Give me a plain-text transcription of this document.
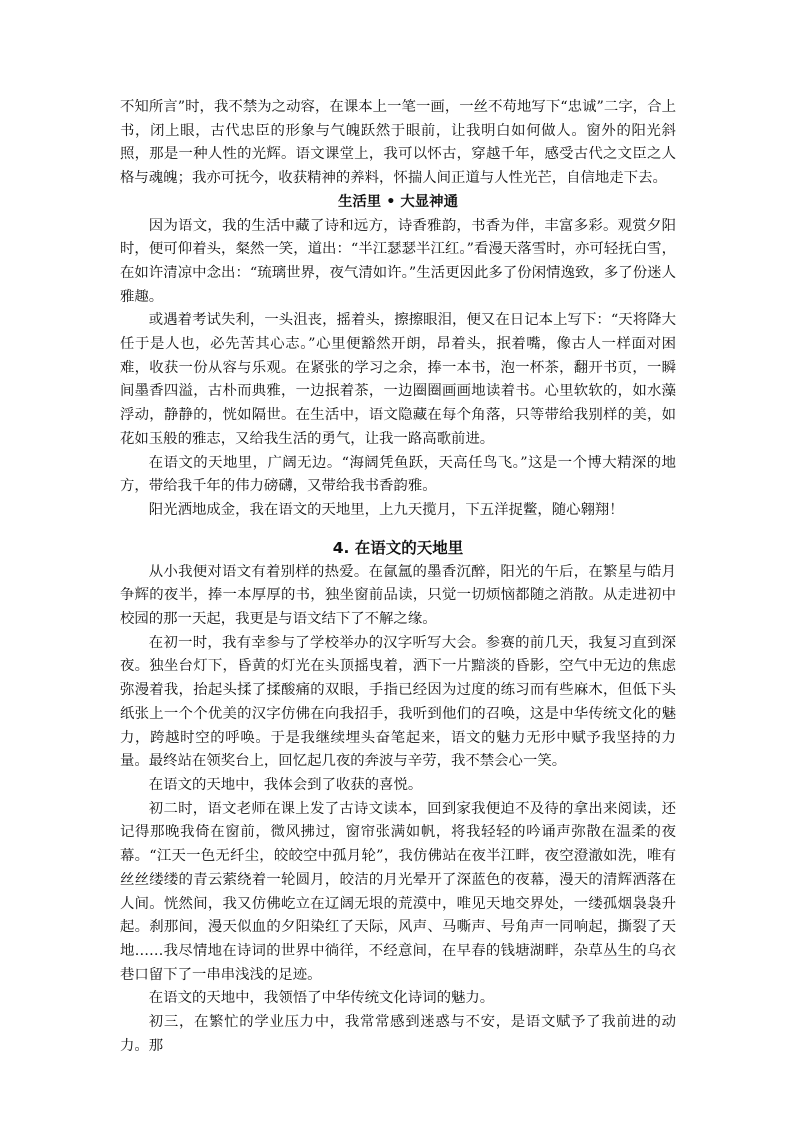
不知所言”时，我不禁为之动容，在课本上一笔一画，一丝不苟地写下“忠诚”二字，合上书，闭上眼，古代忠臣的形象与气魄跃然于眼前，让我明白如何做人。窗外的阳光斜照，那是一种人性的光辉。语文课堂上，我可以怀古，穿越千年，感受古代之文臣之人格与魂魄；我亦可抚今，收获精神的养料，怀揣人间正道与人性光芒，自信地走下去。

生活里 • 大显神通

因为语文，我的生活中藏了诗和远方，诗香雅韵，书香为伴，丰富多彩。观赏夕阳时，便可仰着头，粲然一笑，道出：“半江瑟瑟半江红。”看漫天落雪时，亦可轻抚白雪，在如许清凉中念出：“琉璃世界，夜气清如许。”生活更因此多了份闲情逸致，多了份迷人雅趣。

或遇着考试失利，一头沮丧，摇着头，擦擦眼泪，便又在日记本上写下：“天将降大任于是人也，必先苦其心志。”心里便豁然开朗，昂着头，抿着嘴，像古人一样面对困难，收获一份从容与乐观。在紧张的学习之余，捧一本书，泡一杯茶，翻开书页，一瞬间墨香四溢，古朴而典雅，一边抿着茶，一边圈圈画画地读着书。心里软软的，如水藻浮动，静静的，恍如隔世。在生活中，语文隐藏在每个角落，只等带给我别样的美，如花如玉般的雅志，又给我生活的勇气，让我一路高歌前进。

在语文的天地里，广阔无边。“海阔凭鱼跃，天高任鸟飞。”这是一个博大精深的地方，带给我千年的伟力磅礴，又带给我书香韵雅。

阳光洒地成金，我在语文的天地里，上九天揽月，下五洋捉鳖，随心翱翔！

4. 在语文的天地里

从小我便对语文有着别样的热爱。在氤氲的墨香沉醉，阳光的午后，在繁星与皓月争辉的夜半，捧一本厚厚的书，独坐窗前品读，只觉一切烦恼都随之消散。从走进初中校园的那一天起，我更是与语文结下了不解之缘。

在初一时，我有幸参与了学校举办的汉字听写大会。参赛的前几天，我复习直到深夜。独坐台灯下，昏黄的灯光在头顶摇曳着，洒下一片黯淡的昏影，空气中无边的焦虑弥漫着我，抬起头揉了揉酸痛的双眼，手指已经因为过度的练习而有些麻木，但低下头纸张上一个个优美的汉字仿佛在向我招手，我听到他们的召唤，这是中华传统文化的魅力，跨越时空的呼唤。于是我继续埋头奋笔起来，语文的魅力无形中赋予我坚持的力量。最终站在领奖台上，回忆起几夜的奔波与辛劳，我不禁会心一笑。

在语文的天地中，我体会到了收获的喜悦。

初二时，语文老师在课上发了古诗文读本，回到家我便迫不及待的拿出来阅读，还记得那晚我倚在窗前，微风拂过，窗帘张满如帆，将我轻轻的吟诵声弥散在温柔的夜幕。“江天一色无纤尘，皎皎空中孤月轮”，我仿佛站在夜半江畔，夜空澄澈如洗，唯有丝丝缕缕的青云萦绕着一轮圆月，皎洁的月光晕开了深蓝色的夜幕，漫天的清辉洒落在人间。恍然间，我又仿佛屹立在辽阔无垠的荒漠中，唯见天地交界处，一缕孤烟袅袅升起。刹那间，漫天似血的夕阳染红了天际，风声、马嘶声、号角声一同响起，撕裂了天地……我尽情地在诗词的世界中徜徉，不经意间，在早春的钱塘湖畔，杂草丛生的乌衣巷口留下了一串串浅浅的足迹。

在语文的天地中，我领悟了中华传统文化诗词的魅力。

初三，在繁忙的学业压力中，我常常感到迷惑与不安，是语文赋予了我前进的动力。那
